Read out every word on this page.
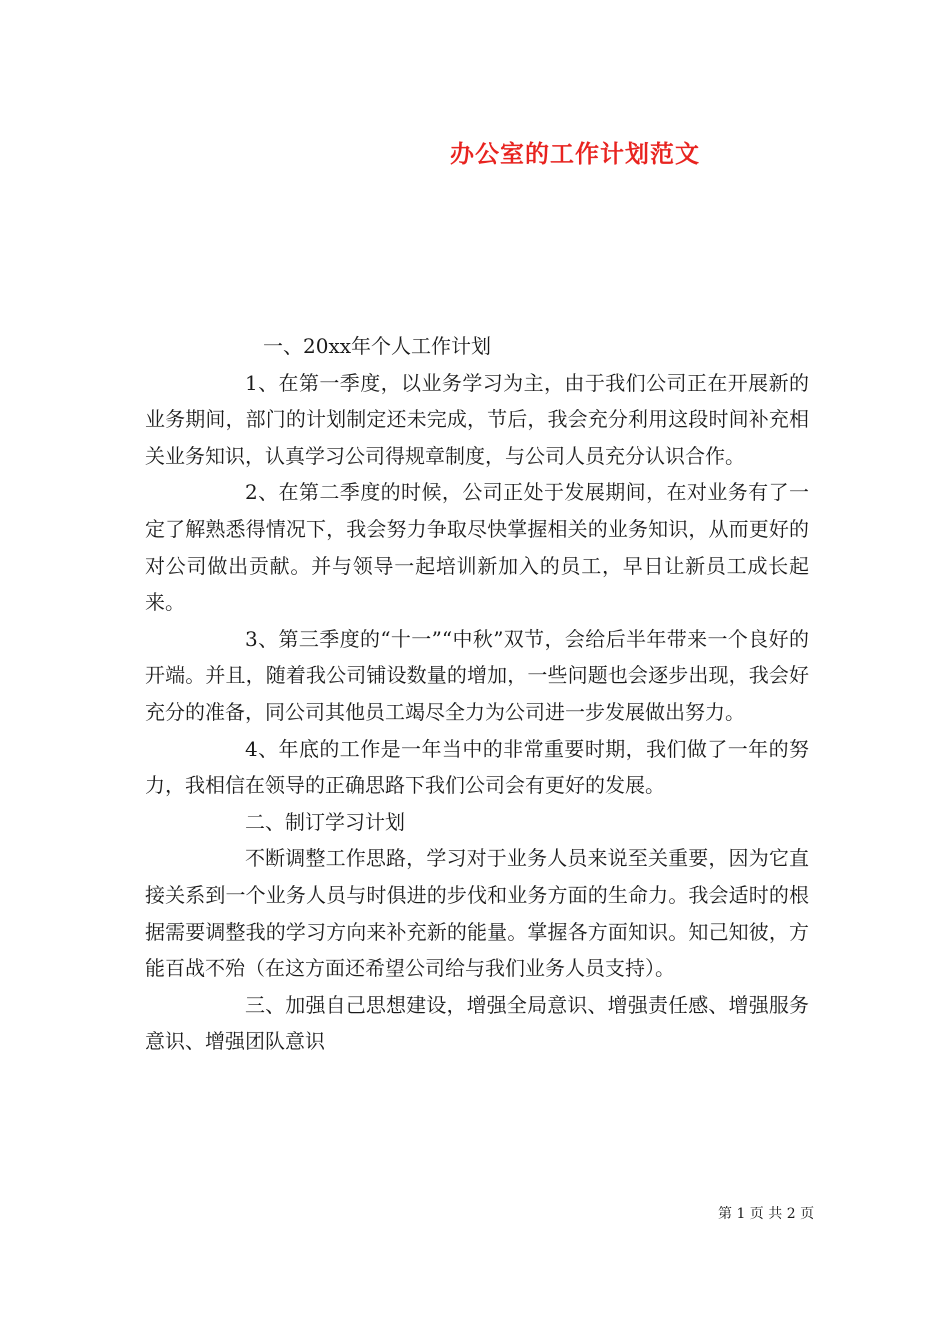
办公室的工作计划范文

一、20xx年个人工作计划

1、在第一季度，以业务学习为主，由于我们公司正在开展新的业务期间，部门的计划制定还未完成，节后，我会充分利用这段时间补充相关业务知识，认真学习公司得规章制度，与公司人员充分认识合作。

2、在第二季度的时候，公司正处于发展期间，在对业务有了一定了解熟悉得情况下，我会努力争取尽快掌握相关的业务知识，从而更好的对公司做出贡献。并与领导一起培训新加入的员工，早日让新员工成长起来。

3、第三季度的“十一”“中秋”双节，会给后半年带来一个良好的开端。并且，随着我公司铺设数量的增加，一些问题也会逐步出现，我会好充分的准备，同公司其他员工竭尽全力为公司进一步发展做出努力。

4、年底的工作是一年当中的非常重要时期，我们做了一年的努力，我相信在领导的正确思路下我们公司会有更好的发展。

二、制订学习计划

不断调整工作思路，学习对于业务人员来说至关重要，因为它直接关系到一个业务人员与时俱进的步伐和业务方面的生命力。我会适时的根据需要调整我的学习方向来补充新的能量。掌握各方面知识。知己知彼，方能百战不殆（在这方面还希望公司给与我们业务人员支持）。

三、加强自己思想建设，增强全局意识、增强责任感、增强服务意识、增强团队意识

第 1 页 共 2 页
